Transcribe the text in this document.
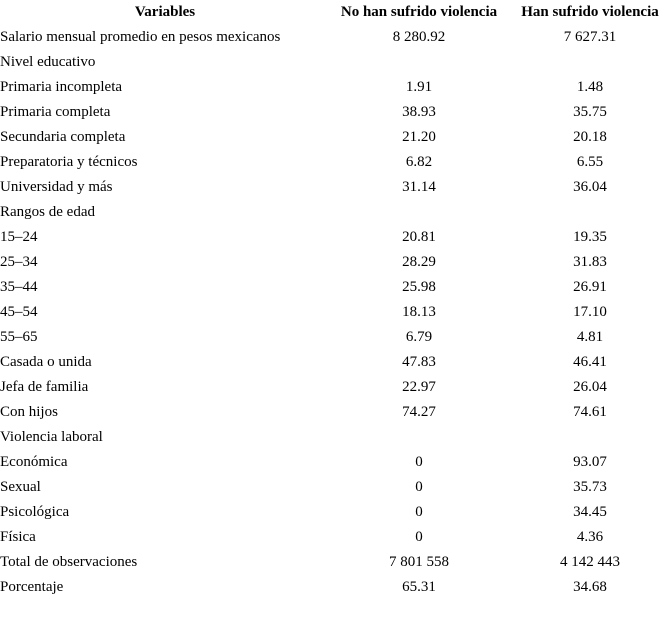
Variables	No han sufrido violencia	Han sufrido violencia
Salario mensual promedio en pesos mexicanos	8 280.92	7 627.31
Nivel educativo		
Primaria incompleta	1.91	1.48
Primaria completa	38.93	35.75
Secundaria completa	21.20	20.18
Preparatoria y técnicos	6.82	6.55
Universidad y más	31.14	36.04
Rangos de edad		
15–24	20.81	19.35
25–34	28.29	31.83
35–44	25.98	26.91
45–54	18.13	17.10
55–65	6.79	4.81
Casada o unida	47.83	46.41
Jefa de familia	22.97	26.04
Con hijos	74.27	74.61
Violencia laboral		
Económica	0	93.07
Sexual	0	35.73
Psicológica	0	34.45
Física	0	4.36
Total de observaciones	7 801 558	4 142 443
Porcentaje	65.31	34.68
